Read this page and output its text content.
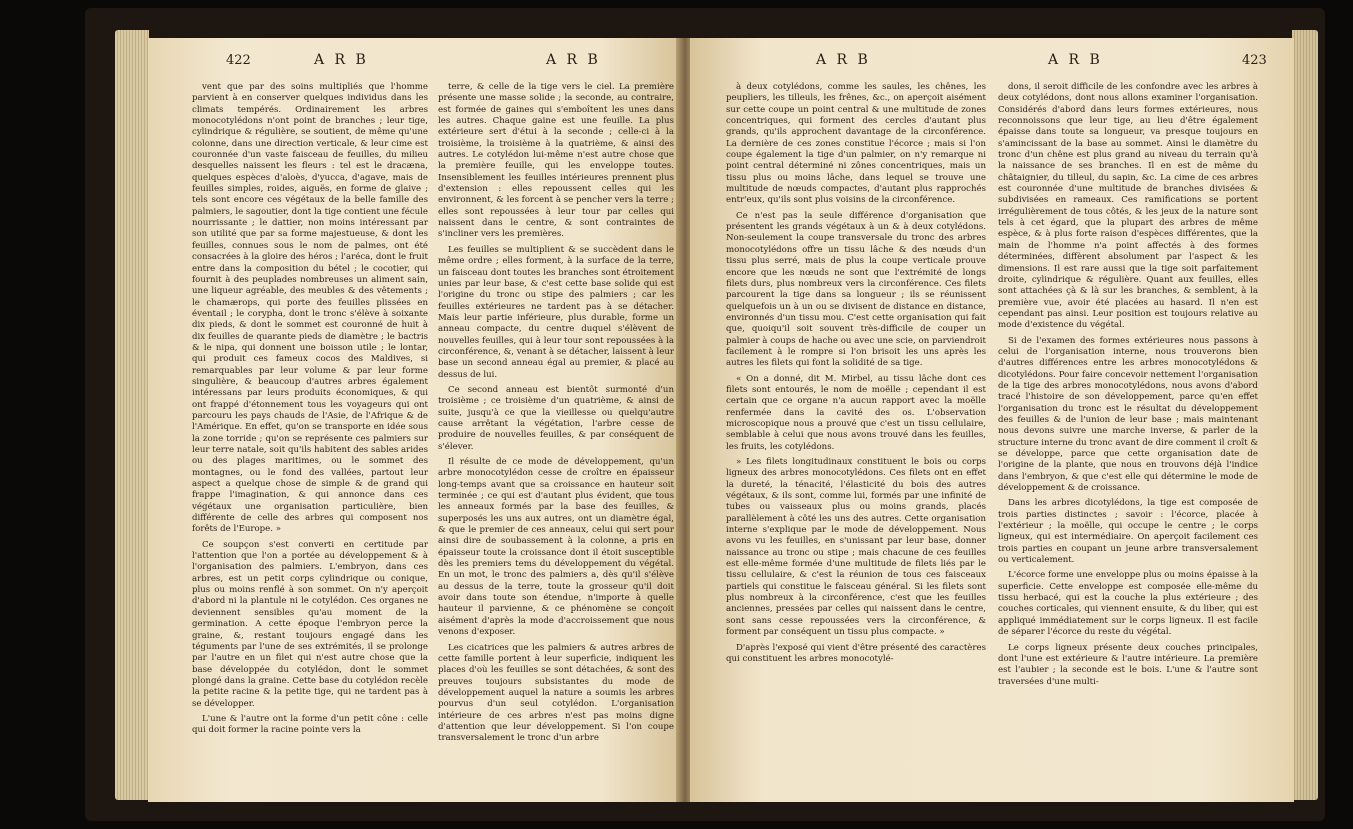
422	A R B	A R B

vent que par des soins multipliés que l'homme parvient à en conserver quelques individus dans les climats tempérés. Ordinairement les arbres monocotylédons n'ont point de branches ; leur tige, cylindrique & régulière, se soutient, de même qu'une colonne, dans une direction verticale, & leur cime est couronnée d'un vaste faisceau de feuilles, du milieu desquelles naissent les fleurs : tel est le dracæna, quelques espèces d'aloès, d'yucca, d'agave, mais de feuilles simples, roides, aiguës, en forme de glaive ; tels sont encore ces végétaux de la belle famille des palmiers, le sagoutier, dont la tige contient une fécule nourrissante ; le dattier, non moins intéressant par son utilité que par sa forme majestueuse, & dont les feuilles, connues sous le nom de palmes, ont été consacrées à la gloire des héros ; l'aréca, dont le fruit entre dans la composition du bétel ; le cocotier, qui fournit à des peuplades nombreuses un aliment sain, une liqueur agréable, des meubles & des vêtements ; le chamærops, qui porte des feuilles plissées en éventail ; le corypha, dont le tronc s'élève à soixante dix pieds, & dont le sommet est couronné de huit à dix feuilles de quarante pieds de diamètre ; le bactris & le nipa, qui donnent une boisson utile ; le lontar, qui produit ces fameux cocos des Maldives, si remarquables par leur volume & par leur forme singulière, & beaucoup d'autres arbres également intéressans par leurs produits économiques, & qui ont frappé d'étonnement tous les voyageurs qui ont parcouru les pays chauds de l'Asie, de l'Afrique & de l'Amérique. En effet, qu'on se transporte en idée sous la zone torride ; qu'on se représente ces palmiers sur leur terre natale, soit qu'ils habitent des sables arides ou des plages maritimes, ou le sommet des montagnes, ou le fond des vallées, partout leur aspect a quelque chose de simple & de grand qui frappe l'imagination, & qui annonce dans ces végétaux une organisation particulière, bien différente de celle des arbres qui composent nos forêts de l'Europe. »

Ce soupçon s'est converti en certitude par l'attention que l'on a portée au développement & à l'organisation des palmiers. L'embryon, dans ces arbres, est un petit corps cylindrique ou conique, plus ou moins renflé à son sommet. On n'y aperçoit d'abord ni la plantule ni le cotylédon. Ces organes ne deviennent sensibles qu'au moment de la germination. A cette époque l'embryon perce la graine, &, restant toujours engagé dans les téguments par l'une de ses extrémités, il se prolonge par l'autre en un filet qui n'est autre chose que la base développée du cotylédon, dont le sommet plongé dans la graine. Cette base du cotylédon recèle la petite racine & la petite tige, qui ne tardent pas à se développer.

L'une & l'autre ont la forme d'un petit cône : celle qui doit former la racine pointe vers la

terre, & celle de la tige vers le ciel. La première présente une masse solide ; la seconde, au contraire, est formée de gaines qui s'emboîtent les unes dans les autres. Chaque gaine est une feuille. La plus extérieure sert d'étui à la seconde ; celle-ci à la troisième, la troisième à la quatrième, & ainsi des autres. Le cotylédon lui-même n'est autre chose que la première feuille, qui les enveloppe toutes. Insensiblement les feuilles intérieures prennent plus d'extension : elles repoussent celles qui les environnent, & les forcent à se pencher vers la terre ; elles sont repoussées à leur tour par celles qui naissent dans le centre, & sont contraintes de s'incliner vers les premières.

Les feuilles se multiplient & se succèdent dans le même ordre ; elles forment, à la surface de la terre, un faisceau dont toutes les branches sont étroitement unies par leur base, & c'est cette base solide qui est l'origine du tronc ou stipe des palmiers ; car les feuilles extérieures ne tardent pas à se détacher. Mais leur partie inférieure, plus durable, forme un anneau compacte, du centre duquel s'élèvent de nouvelles feuilles, qui à leur tour sont repoussées à la circonférence, &, venant à se détacher, laissent à leur base un second anneau égal au premier, & placé au dessus de lui.

Ce second anneau est bientôt surmonté d'un troisième ; ce troisième d'un quatrième, & ainsi de suite, jusqu'à ce que la vieillesse ou quelqu'autre cause arrêtant la végétation, l'arbre cesse de produire de nouvelles feuilles, & par conséquent de s'élever.

Il résulte de ce mode de développement, qu'un arbre monocotylédon cesse de croître en épaisseur long-temps avant que sa croissance en hauteur soit terminée ; ce qui est d'autant plus évident, que tous les anneaux formés par la base des feuilles, & superposés les uns aux autres, ont un diamètre égal, & que le premier de ces anneaux, celui qui sert pour ainsi dire de soubassement à la colonne, a pris en épaisseur toute la croissance dont il étoit susceptible dès les premiers tems du développement du végétal. En un mot, le tronc des palmiers a, dès qu'il s'élève au dessus de la terre, toute la grosseur qu'il doit avoir dans toute son étendue, n'importe à quelle hauteur il parvienne, & ce phénomène se conçoit aisément d'après la mode d'accroissement que nous venons d'exposer.

Les cicatrices que les palmiers & autres arbres de cette famille portent à leur superficie, indiquent les places d'où les feuilles se sont détachées, & sont des preuves toujours subsistantes du mode de développement auquel la nature a soumis les arbres pourvus d'un seul cotylédon. L'organisation intérieure de ces arbres n'est pas moins digne d'attention que leur développement. Si l'on coupe transversalement le tronc d'un arbre

A R B	A R B	423

à deux cotylédons, comme les saules, les chênes, les peupliers, les tilleuls, les frênes, &c., on aperçoit aisément sur cette coupe un point central & une multitude de zones concentriques, qui forment des cercles d'autant plus grands, qu'ils approchent davantage de la circonférence. La dernière de ces zones constitue l'écorce ; mais si l'on coupe également la tige d'un palmier, on n'y remarque ni point central déterminé ni zônes concentriques, mais un tissu plus ou moins lâche, dans lequel se trouve une multitude de nœuds compactes, d'autant plus rapprochés entr'eux, qu'ils sont plus voisins de la circonférence.

Ce n'est pas la seule différence d'organisation que présentent les grands végétaux à un & à deux cotylédons. Non-seulement la coupe transversale du tronc des arbres monocotylédons offre un tissu lâche & des nœuds d'un tissu plus serré, mais de plus la coupe verticale prouve encore que les nœuds ne sont que l'extrémité de longs filets durs, plus nombreux vers la circonférence. Ces filets parcourent la tige dans sa longueur ; ils se réunissent quelquefois un à un ou se divisent de distance en distance, environnés d'un tissu mou. C'est cette organisation qui fait que, quoiqu'il soit souvent très-difficile de couper un palmier à coups de hache ou avec une scie, on parviendroit facilement à le rompre si l'on brisoit les uns après les autres les filets qui font la solidité de sa tige.

« On a donné, dit M. Mirbel, au tissu lâche dont ces filets sont entourés, le nom de moëlle ; cependant il est certain que ce organe n'a aucun rapport avec la moëlle renfermée dans la cavité des os. L'observation microscopique nous a prouvé que c'est un tissu cellulaire, semblable à celui que nous avons trouvé dans les feuilles, les fruits, les cotylédons.

» Les filets longitudinaux constituent le bois ou corps ligneux des arbres monocotylédons. Ces filets ont en effet la dureté, la ténacité, l'élasticité du bois des autres végétaux, & ils sont, comme lui, formés par une infinité de tubes ou vaisseaux plus ou moins grands, placés parallèlement à côté les uns des autres. Cette organisation interne s'explique par le mode de développement. Nous avons vu les feuilles, en s'unissant par leur base, donner naissance au tronc ou stipe ; mais chacune de ces feuilles est elle-même formée d'une multitude de filets liés par le tissu cellulaire, & c'est la réunion de tous ces faisceaux partiels qui constitue le faisceau général. Si les filets sont plus nombreux à la circonférence, c'est que les feuilles anciennes, pressées par celles qui naissent dans le centre, sont sans cesse repoussées vers la circonférence, & forment par conséquent un tissu plus compacte. »

D'après l'exposé qui vient d'être présenté des caractères qui constituent les arbres monocotylé-

dons, il seroit difficile de les confondre avec les arbres à deux cotylédons, dont nous allons examiner l'organisation. Considérés d'abord dans leurs formes extérieures, nous reconnoissons que leur tige, au lieu d'être également épaisse dans toute sa longueur, va presque toujours en s'amincissant de la base au sommet. Ainsi le diamètre du tronc d'un chêne est plus grand au niveau du terrain qu'à la naissance de ses branches. Il en est de même du châtaignier, du tilleul, du sapin, &c. La cime de ces arbres est couronnée d'une multitude de branches divisées & subdivisées en rameaux. Ces ramifications se portent irrégulièrement de tous côtés, & les jeux de la nature sont tels à cet égard, que la plupart des arbres de même espèce, & à plus forte raison d'espèces différentes, que la main de l'homme n'a point affectés à des formes déterminées, diffèrent absolument par l'aspect & les dimensions. Il est rare aussi que la tige soit parfaitement droite, cylindrique & régulière. Quant aux feuilles, elles sont attachées çà & là sur les branches, & semblent, à la première vue, avoir été placées au hasard. Il n'en est cependant pas ainsi. Leur position est toujours relative au mode d'existence du végétal.

Si de l'examen des formes extérieures nous passons à celui de l'organisation interne, nous trouverons bien d'autres différences entre les arbres monocotylédons & dicotylédons. Pour faire concevoir nettement l'organisation de la tige des arbres monocotylédons, nous avons d'abord tracé l'histoire de son développement, parce qu'en effet l'organisation du tronc est le résultat du développement des feuilles & de l'union de leur base ; mais maintenant nous devons suivre une marche inverse, & parler de la structure interne du tronc avant de dire comment il croît & se développe, parce que cette organisation date de l'origine de la plante, que nous en trouvons déjà l'indice dans l'embryon, & que c'est elle qui détermine le mode de développement & de croissance.

Dans les arbres dicotylédons, la tige est composée de trois parties distinctes ; savoir : l'écorce, placée à l'extérieur ; la moëlle, qui occupe le centre ; le corps ligneux, qui est intermédiaire. On aperçoit facilement ces trois parties en coupant un jeune arbre transversalement ou verticalement.

L'écorce forme une enveloppe plus ou moins épaisse à la superficie. Cette enveloppe est composée elle-même du tissu herbacé, qui est la couche la plus extérieure ; des couches corticales, qui viennent ensuite, & du liber, qui est appliqué immédiatement sur le corps ligneux. Il est facile de séparer l'écorce du reste du végétal.

Le corps ligneux présente deux couches principales, dont l'une est extérieure & l'autre intérieure. La première est l'aubier ; la seconde est le bois. L'une & l'autre sont traversées d'une multi-
